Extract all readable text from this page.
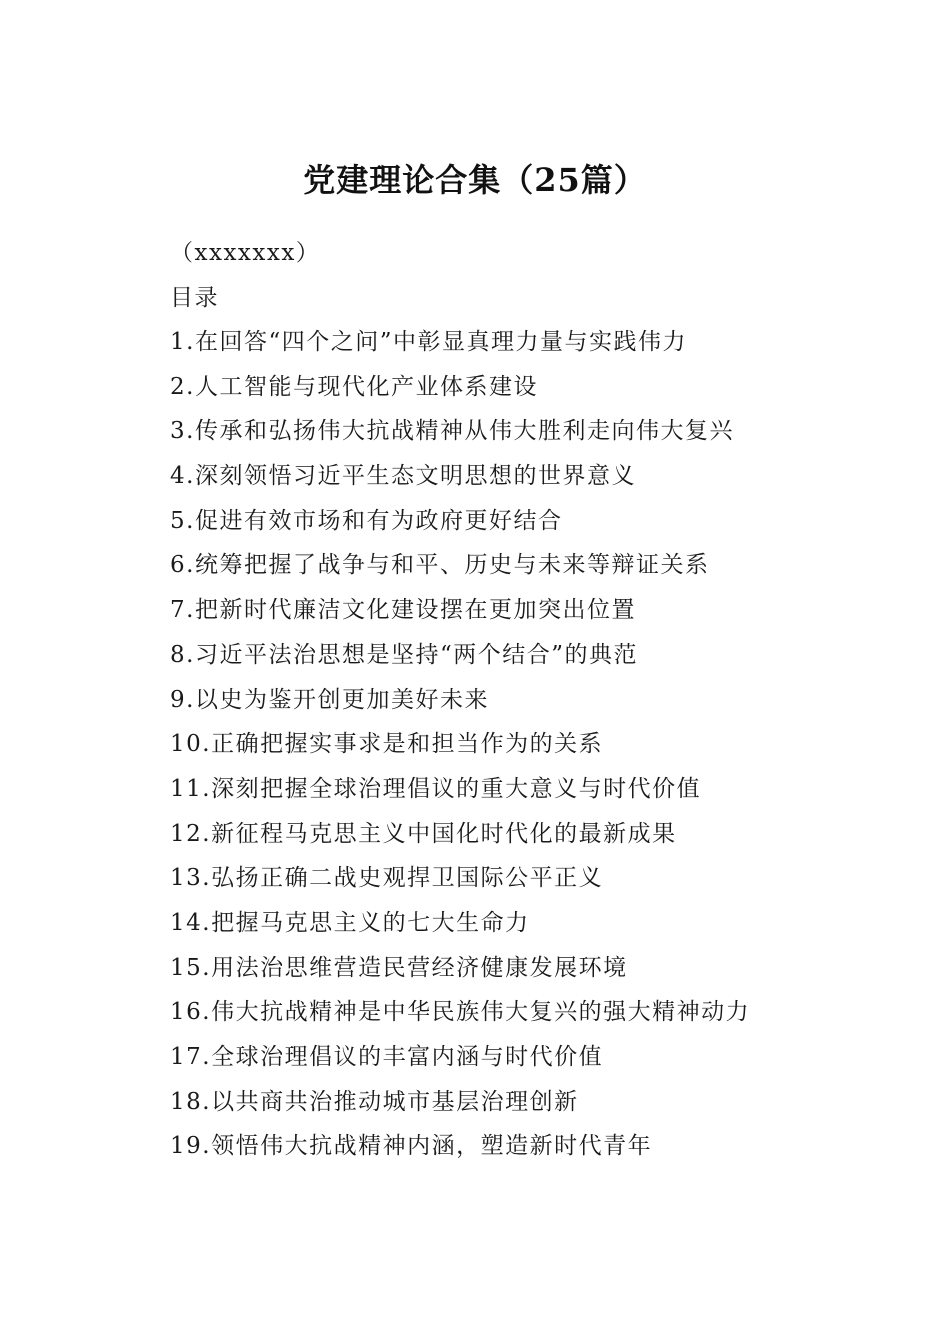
党建理论合集（25篇）
（xxxxxxx）
目录
1.在回答“四个之问”中彰显真理力量与实践伟力
2.人工智能与现代化产业体系建设
3.传承和弘扬伟大抗战精神从伟大胜利走向伟大复兴
4.深刻领悟习近平生态文明思想的世界意义
5.促进有效市场和有为政府更好结合
6.统筹把握了战争与和平、历史与未来等辩证关系
7.把新时代廉洁文化建设摆在更加突出位置
8.习近平法治思想是坚持“两个结合”的典范
9.以史为鉴开创更加美好未来
10.正确把握实事求是和担当作为的关系
11.深刻把握全球治理倡议的重大意义与时代价值
12.新征程马克思主义中国化时代化的最新成果
13.弘扬正确二战史观捍卫国际公平正义
14.把握马克思主义的七大生命力
15.用法治思维营造民营经济健康发展环境
16.伟大抗战精神是中华民族伟大复兴的强大精神动力
17.全球治理倡议的丰富内涵与时代价值
18.以共商共治推动城市基层治理创新
19.领悟伟大抗战精神内涵，塑造新时代青年
